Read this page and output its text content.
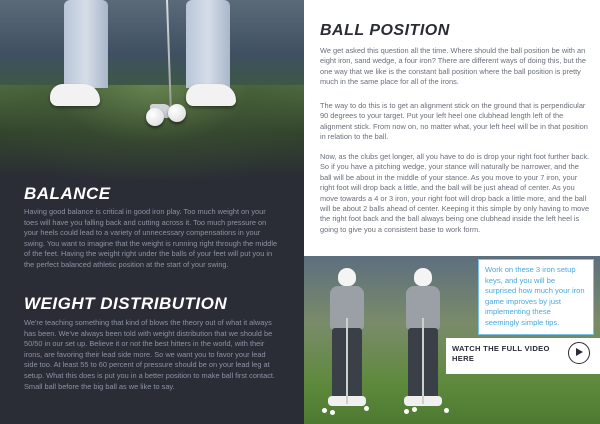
BALANCE

Having good balance is critical in good iron play. Too much weight on your toes will have you falling back and cutting across it. Too much pressure on your heels could lead to a variety of unnecessary compensations in your swing. You want to imagine that the weight is running right through the middle of the feet. Having the weight right under the balls of your feet will put you in the perfect balanced athletic position at the start of your swing.

WEIGHT DISTRIBUTION

We're teaching something that kind of blows the theory out of what it always has been. We've always been told with weight distribution that we should be 50/50 in our set up. Believe it or not the best hitters in the world, with their irons, are favoring their lead side more. So we want you to favor your lead side too. At least 55 to 60 percent of pressure should be on your lead leg at setup. What this does is put you in a better position to make ball first contact. Small ball before the big ball as we like to say.

BALL POSITION

We get asked this question all the time. Where should the ball position be with an eight iron, sand wedge, a four iron? There are different ways of doing this, but the one way that we like is the constant ball position where the ball position is pretty much in the same place for all of the irons.

The way to do this is to get an alignment stick on the ground that is perpendicular 90 degrees to your target. Put your left heel one clubhead length left of the alignment stick. From now on, no matter what, your left heel will be in that position in relation to the ball.

Now, as the clubs get longer, all you have to do is drop your right foot further back. So if you have a pitching wedge, your stance will naturally be narrower, and the ball will be about in the middle of your stance. As you move to your 7 iron, your right foot will drop back a little, and the ball will be just ahead of center. As you move towards a 4 or 3 iron, your right foot will drop back a little more, and the ball will be about 2 balls ahead of center. Keeping it this simple by only having to move the right foot back and the ball always being one clubhead inside the left heel is going to give you a consistent base to work form.

Work on these 3 iron setup keys, and you will be surprised how much your iron game improves by just implementing these seemingly simple tips.

WATCH THE FULL VIDEO HERE
